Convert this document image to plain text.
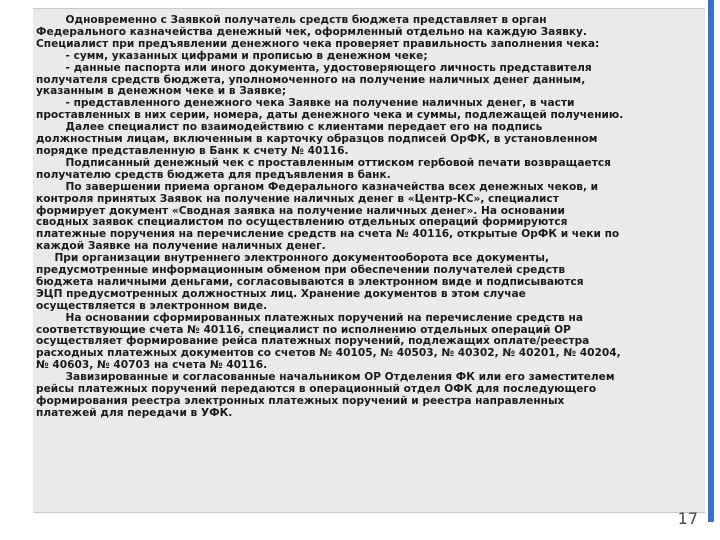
Одновременно с Заявкой получатель средств бюджета представляет в орган
Федерального казначейства денежный чек, оформленный отдельно на каждую Заявку.
Специалист при предъявлении денежного чека проверяет правильность заполнения чека:
- сумм, указанных цифрами и прописью в денежном чеке;
- данные паспорта или иного документа, удостоверяющего личность представителя
получателя средств бюджета, уполномоченного на получение наличных денег данным,
указанным в денежном чеке и в Заявке;
- представленного денежного чека Заявке на получение наличных денег, в части
проставленных в них серии, номера, даты денежного чека и суммы, подлежащей получению.
Далее специалист по взаимодействию с клиентами передает его на подпись
должностным лицам, включенным в карточку образцов подписей ОрФК, в установленном
порядке представленную в Банк к счету № 40116.
Подписанный денежный чек с проставленным оттиском гербовой печати возвращается
получателю средств бюджета для предъявления в банк.
По завершении приема органом Федерального казначейства всех денежных чеков, и
контроля принятых Заявок на получение наличных денег в «Центр-КС», специалист
формирует документ «Сводная заявка на получение наличных денег». На основании
сводных заявок специалистом по осуществлению отдельных операций формируются
платежные поручения на перечисление средств на счета № 40116, открытые ОрФК и чеки по
каждой Заявке на получение наличных денег.
При организации внутреннего электронного документооборота все документы,
предусмотренные информационным обменом при обеспечении получателей средств
бюджета наличными деньгами, согласовываются в электронном виде и подписываются
ЭЦП предусмотренных должностных лиц. Хранение документов в этом случае
осуществляется в электронном виде.
На основании сформированных платежных поручений на перечисление средств на
соответствующие счета № 40116, специалист по исполнению отдельных операций ОР
осуществляет формирование рейса платежных поручений, подлежащих оплате/реестра
расходных платежных документов со счетов № 40105, № 40503, № 40302, № 40201, № 40204,
№ 40603, № 40703 на счета № 40116.
Завизированные и согласованные начальником ОР Отделения ФК или его заместителем
рейсы платежных поручений передаются в операционный отдел ОФК для последующего
формирования реестра электронных платежных поручений и реестра направленных
платежей для передачи в УФК.

17
